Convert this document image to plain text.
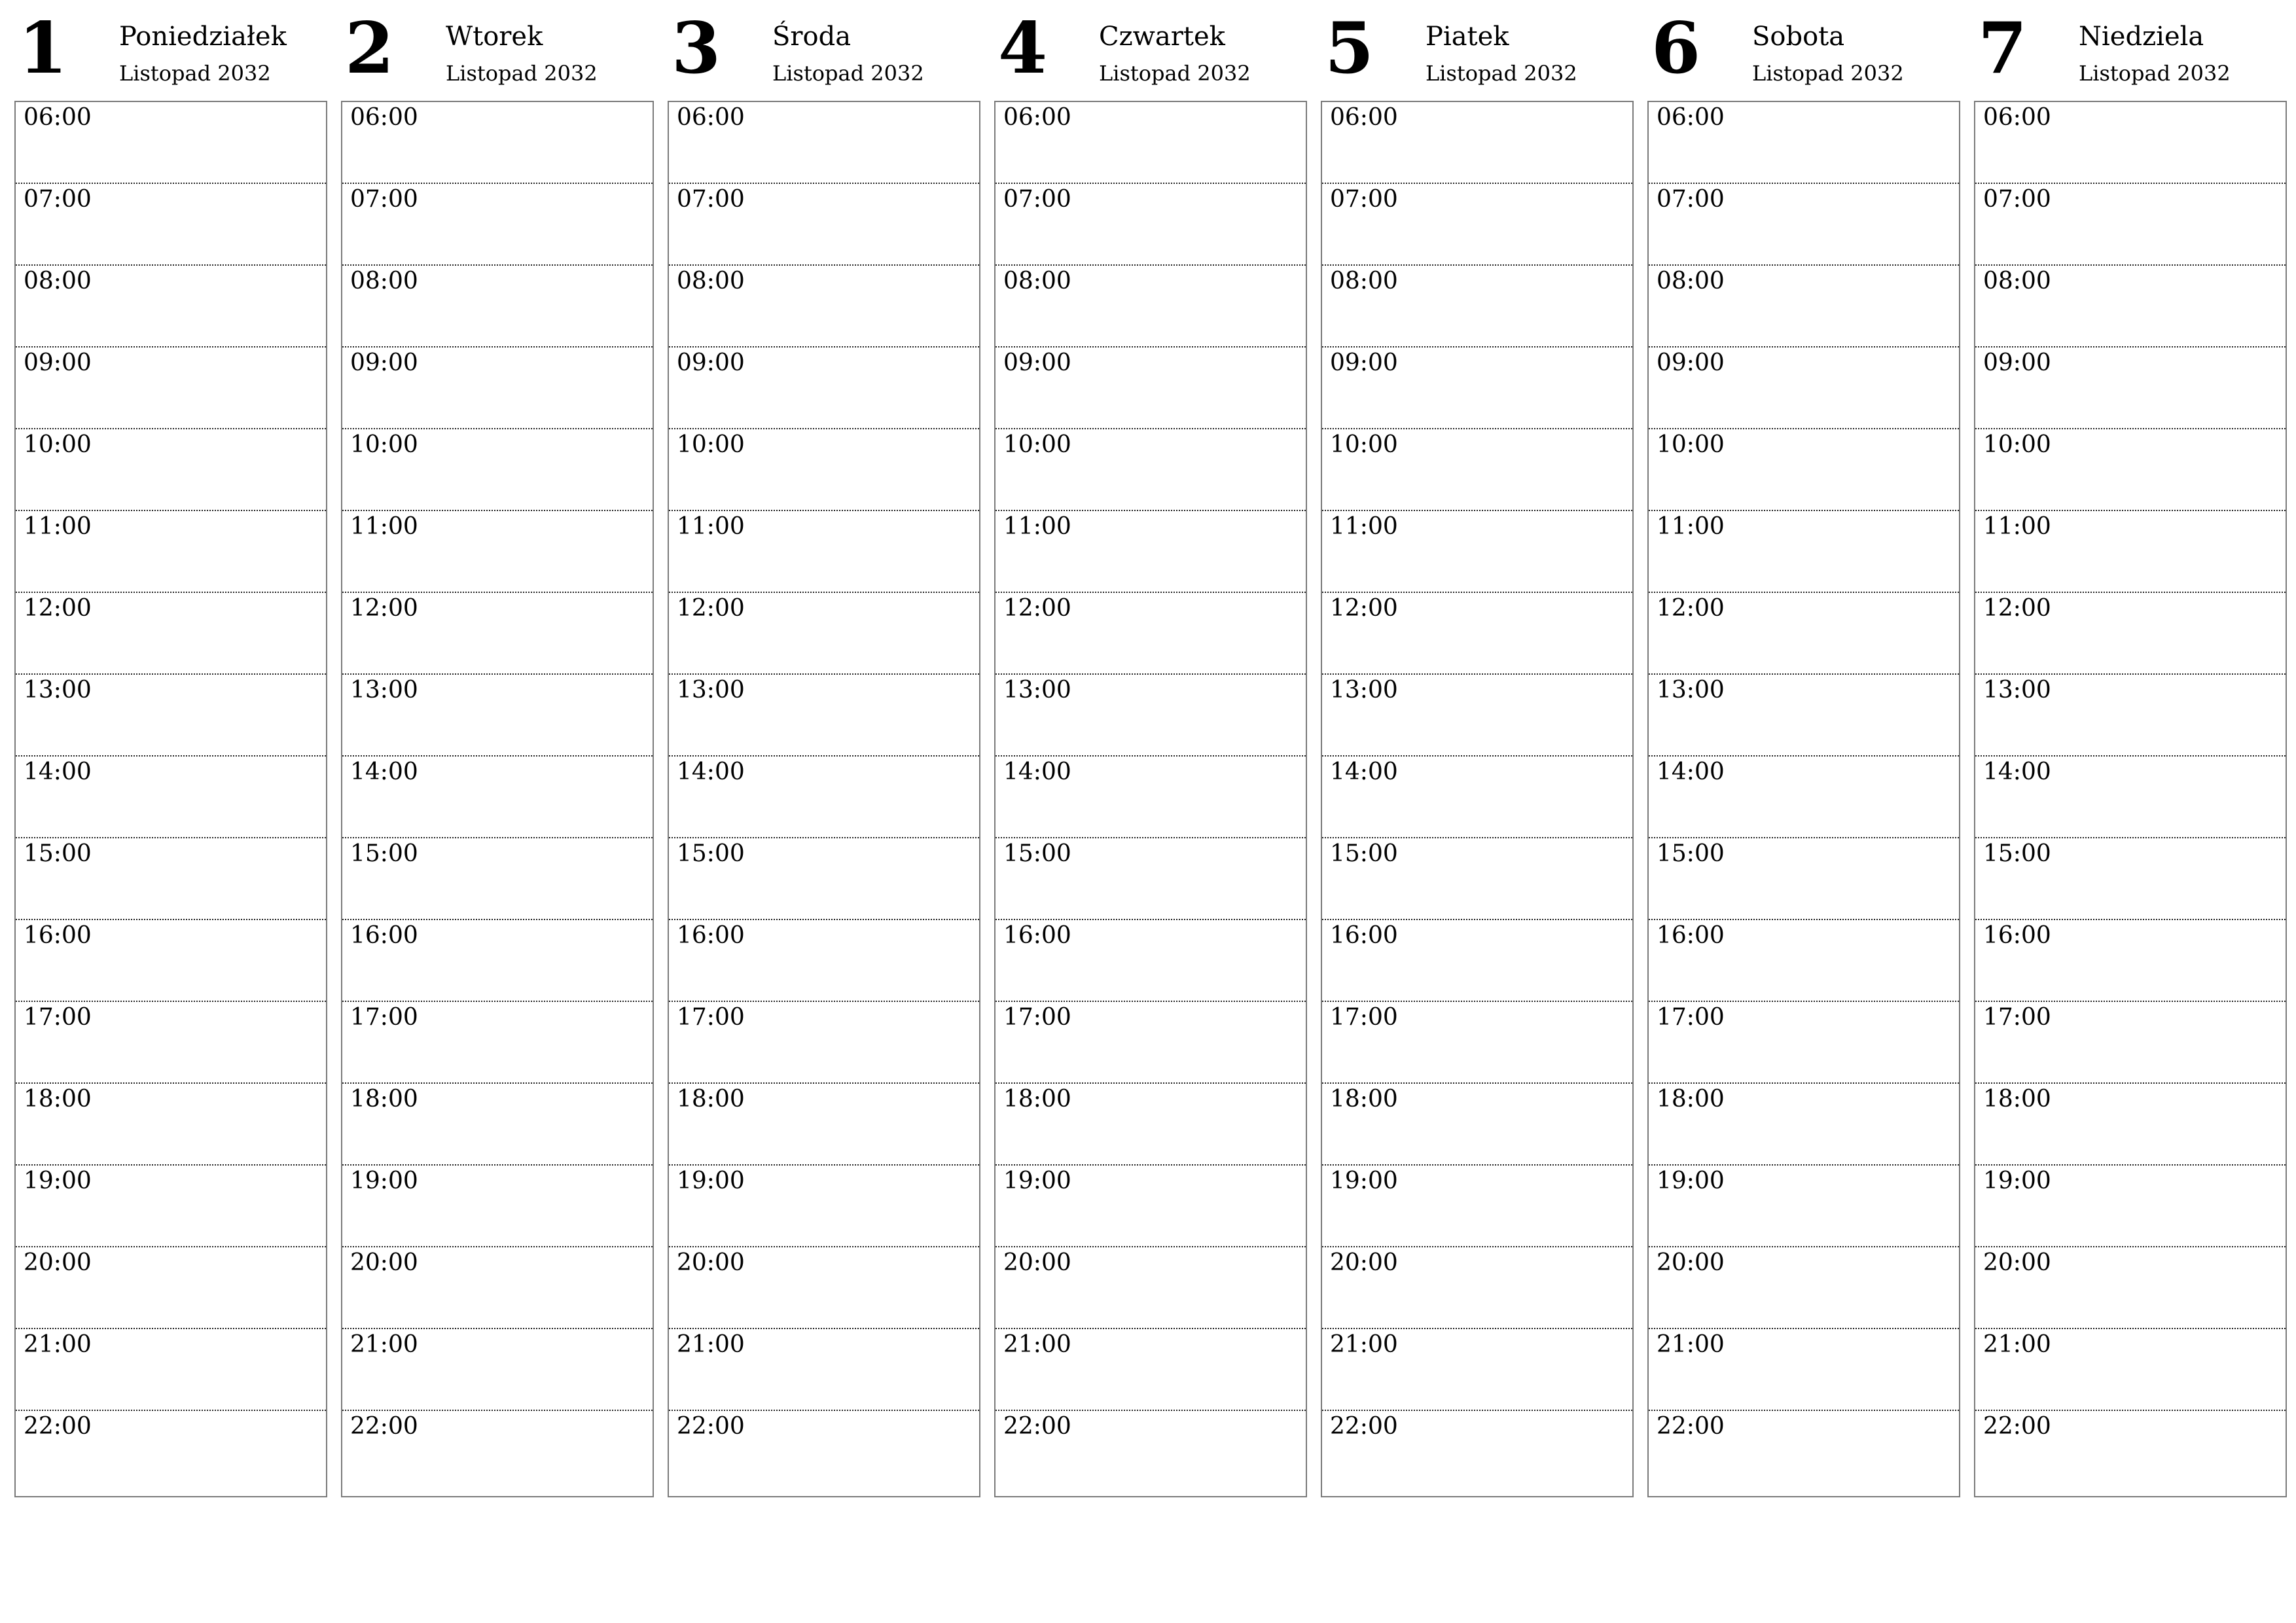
1 Poniedziałek
Listopad 2032
06:00
07:00
08:00
09:00
10:00
11:00
12:00
13:00
14:00
15:00
16:00
17:00
18:00
19:00
20:00
21:00
22:00
2 Wtorek
Listopad 2032
06:00
07:00
08:00
09:00
10:00
11:00
12:00
13:00
14:00
15:00
16:00
17:00
18:00
19:00
20:00
21:00
22:00
3 Środa
Listopad 2032
06:00
07:00
08:00
09:00
10:00
11:00
12:00
13:00
14:00
15:00
16:00
17:00
18:00
19:00
20:00
21:00
22:00
4 Czwartek
Listopad 2032
06:00
07:00
08:00
09:00
10:00
11:00
12:00
13:00
14:00
15:00
16:00
17:00
18:00
19:00
20:00
21:00
22:00
5 Piatek
Listopad 2032
06:00
07:00
08:00
09:00
10:00
11:00
12:00
13:00
14:00
15:00
16:00
17:00
18:00
19:00
20:00
21:00
22:00
6 Sobota
Listopad 2032
06:00
07:00
08:00
09:00
10:00
11:00
12:00
13:00
14:00
15:00
16:00
17:00
18:00
19:00
20:00
21:00
22:00
7 Niedziela
Listopad 2032
06:00
07:00
08:00
09:00
10:00
11:00
12:00
13:00
14:00
15:00
16:00
17:00
18:00
19:00
20:00
21:00
22:00
